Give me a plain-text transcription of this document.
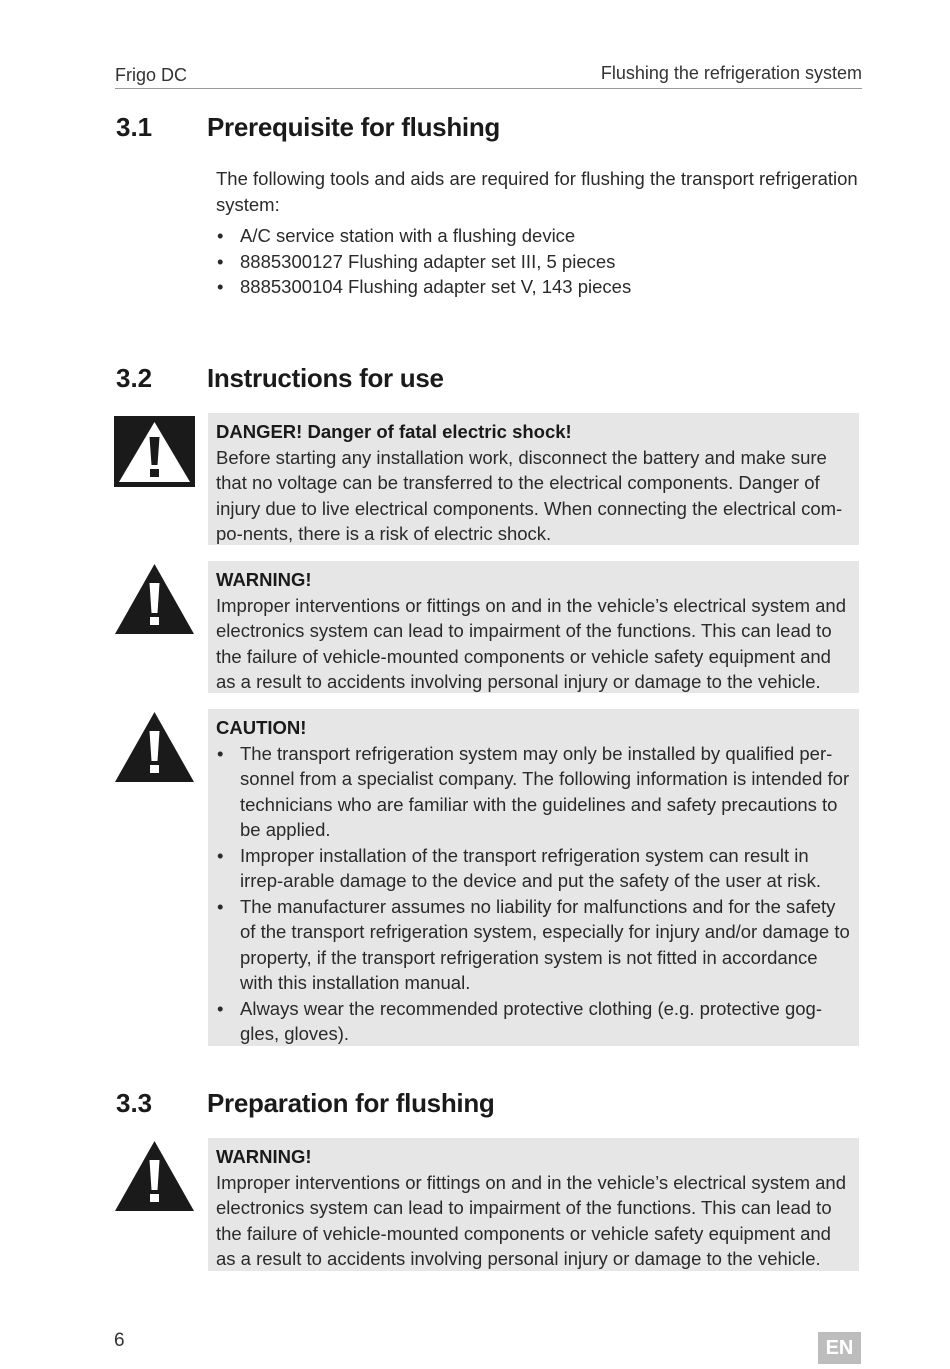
Frigo DC	Flushing the refrigeration system
3.1 Prerequisite for flushing

The following tools and aids are required for flushing the transport refrigeration system:

• A/C service station with a flushing device
• 8885300127 Flushing adapter set III, 5 pieces
• 8885300104 Flushing adapter set V, 143 pieces
3.2 Instructions for use
DANGER! Danger of fatal electric shock!
Before starting any installation work, disconnect the battery and make sure that no voltage can be transferred to the electrical components. Danger of injury due to live electrical components. When connecting the electrical com-po-nents, there is a risk of electric shock.
WARNING!
Improper interventions or fittings on and in the vehicle’s electrical system and electronics system can lead to impairment of the functions. This can lead to the failure of vehicle-mounted components or vehicle safety equipment and as a result to accidents involving personal injury or damage to the vehicle.
CAUTION!
• The transport refrigeration system may only be installed by qualified per-sonnel from a specialist company. The following information is intended for technicians who are familiar with the guidelines and safety precautions to be applied.
• Improper installation of the transport refrigeration system can result in irrep-arable damage to the device and put the safety of the user at risk.
• The manufacturer assumes no liability for malfunctions and for the safety of the transport refrigeration system, especially for injury and/or damage to property, if the transport refrigeration system is not fitted in accordance with this installation manual.
• Always wear the recommended protective clothing (e.g. protective gog-gles, gloves).
3.3 Preparation for flushing
WARNING!
Improper interventions or fittings on and in the vehicle’s electrical system and electronics system can lead to impairment of the functions. This can lead to the failure of vehicle-mounted components or vehicle safety equipment and as a result to accidents involving personal injury or damage to the vehicle.
6	EN
